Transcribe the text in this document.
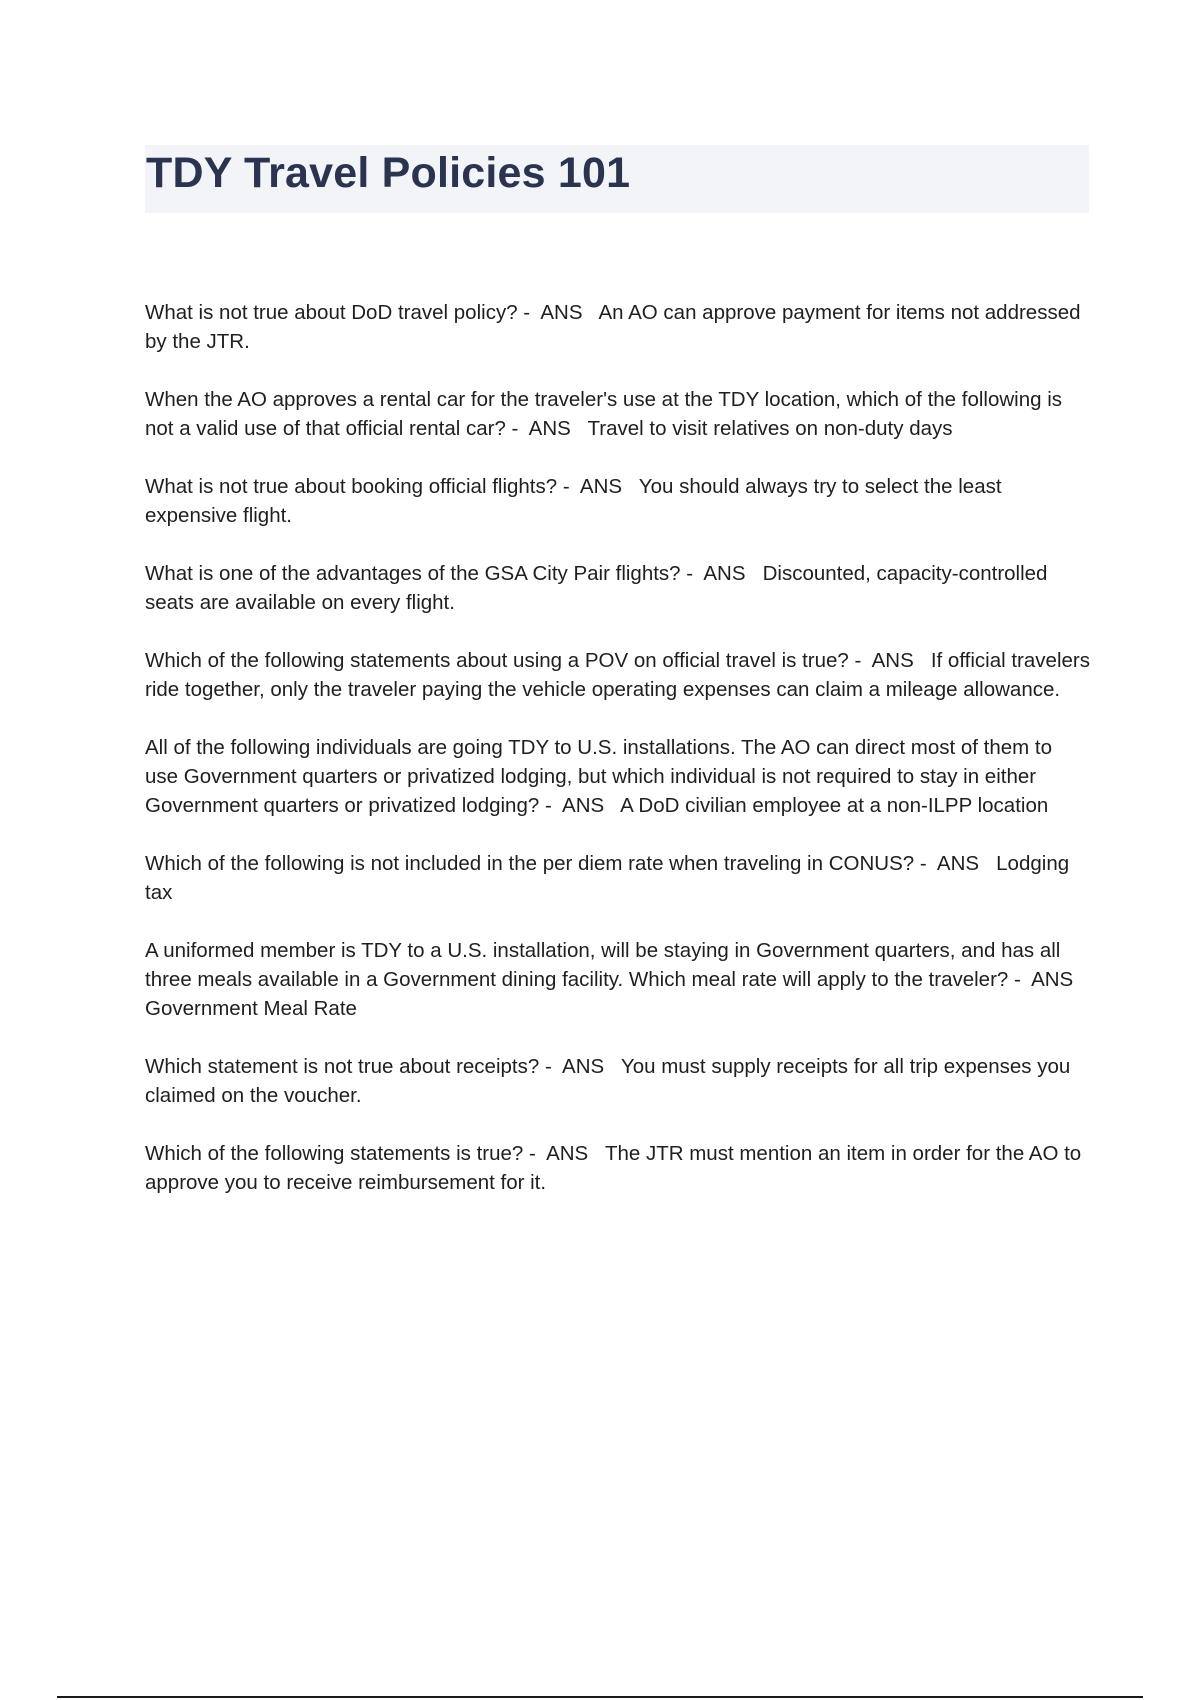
TDY Travel Policies 101
What is not true about DoD travel policy? -  ANS   An AO can approve payment for items not addressed by the JTR.
When the AO approves a rental car for the traveler's use at the TDY location, which of the following is not a valid use of that official rental car? -  ANS   Travel to visit relatives on non-duty days
What is not true about booking official flights? -  ANS   You should always try to select the least expensive flight.
What is one of the advantages of the GSA City Pair flights? -  ANS   Discounted, capacity-controlled seats are available on every flight.
Which of the following statements about using a POV on official travel is true? -  ANS   If official travelers ride together, only the traveler paying the vehicle operating expenses can claim a mileage allowance.
All of the following individuals are going TDY to U.S. installations. The AO can direct most of them to use Government quarters or privatized lodging, but which individual is not required to stay in either Government quarters or privatized lodging? -  ANS   A DoD civilian employee at a non-ILPP location
Which of the following is not included in the per diem rate when traveling in CONUS? -  ANS   Lodging tax
A uniformed member is TDY to a U.S. installation, will be staying in Government quarters, and has all three meals available in a Government dining facility. Which meal rate will apply to the traveler? -  ANS   Government Meal Rate
Which statement is not true about receipts? -  ANS   You must supply receipts for all trip expenses you claimed on the voucher.
Which of the following statements is true? -  ANS   The JTR must mention an item in order for the AO to approve you to receive reimbursement for it.
